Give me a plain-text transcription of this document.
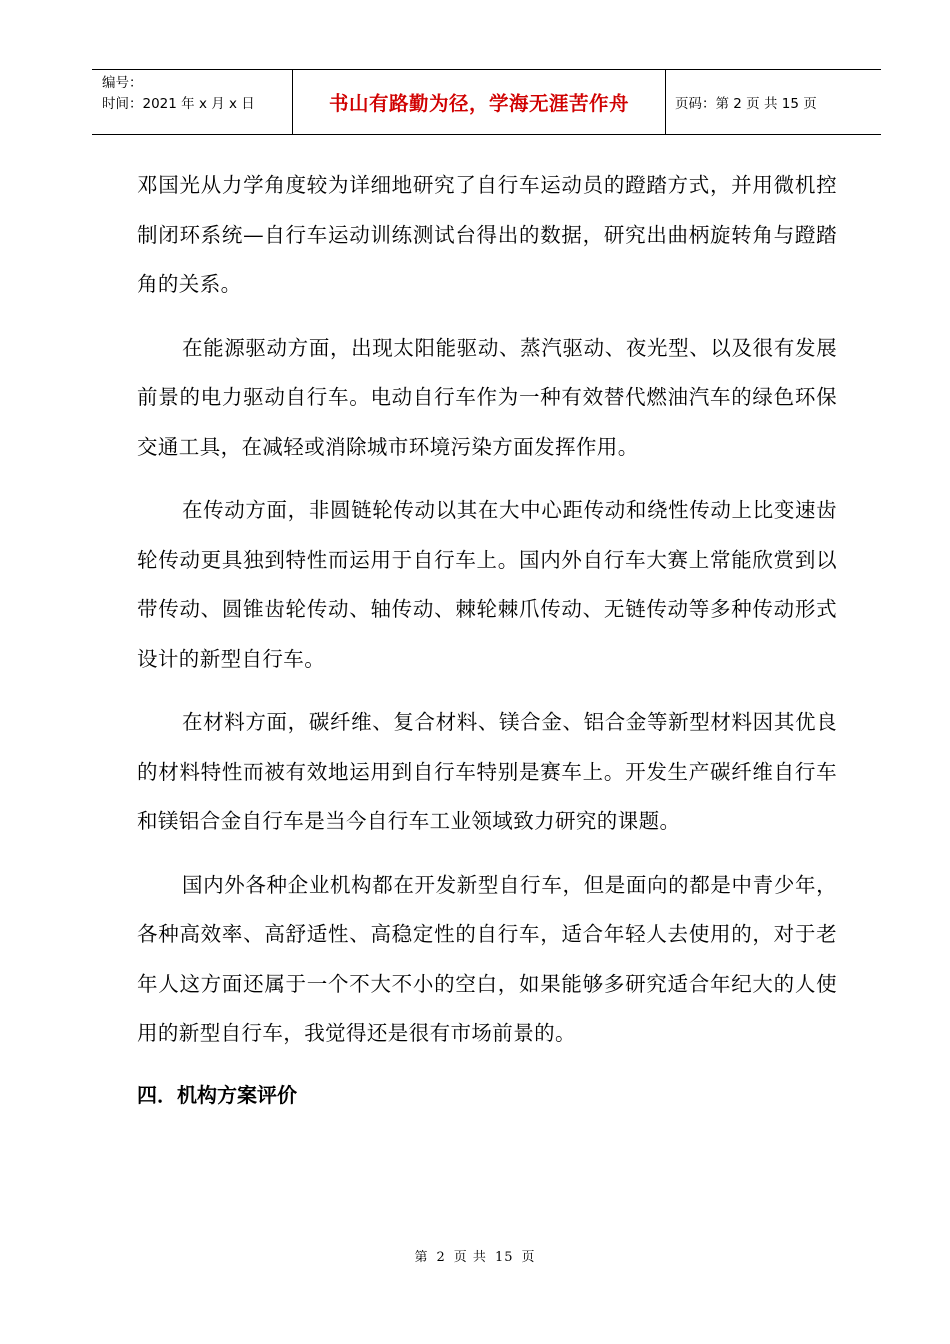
编号：
时间：2021 年 x 月 x 日	书山有路勤为径，学海无涯苦作舟	页码：第 2 页 共 15 页

邓国光从力学角度较为详细地研究了自行车运动员的蹬踏方式，并用微机控制闭环系统—自行车运动训练测试台得出的数据，研究出曲柄旋转角与蹬踏角的关系。

在能源驱动方面，出现太阳能驱动、蒸汽驱动、夜光型、以及很有发展前景的电力驱动自行车。电动自行车作为一种有效替代燃油汽车的绿色环保交通工具，在减轻或消除城市环境污染方面发挥作用。

在传动方面，非圆链轮传动以其在大中心距传动和绕性传动上比变速齿轮传动更具独到特性而运用于自行车上。国内外自行车大赛上常能欣赏到以带传动、圆锥齿轮传动、轴传动、棘轮棘爪传动、无链传动等多种传动形式设计的新型自行车。

在材料方面，碳纤维、复合材料、镁合金、铝合金等新型材料因其优良的材料特性而被有效地运用到自行车特别是赛车上。开发生产碳纤维自行车和镁铝合金自行车是当今自行车工业领域致力研究的课题。

国内外各种企业机构都在开发新型自行车，但是面向的都是中青少年，各种高效率、高舒适性、高稳定性的自行车，适合年轻人去使用的，对于老年人这方面还属于一个不大不小的空白，如果能够多研究适合年纪大的人使用的新型自行车，我觉得还是很有市场前景的。

四．机构方案评价

第 2 页 共 15 页
